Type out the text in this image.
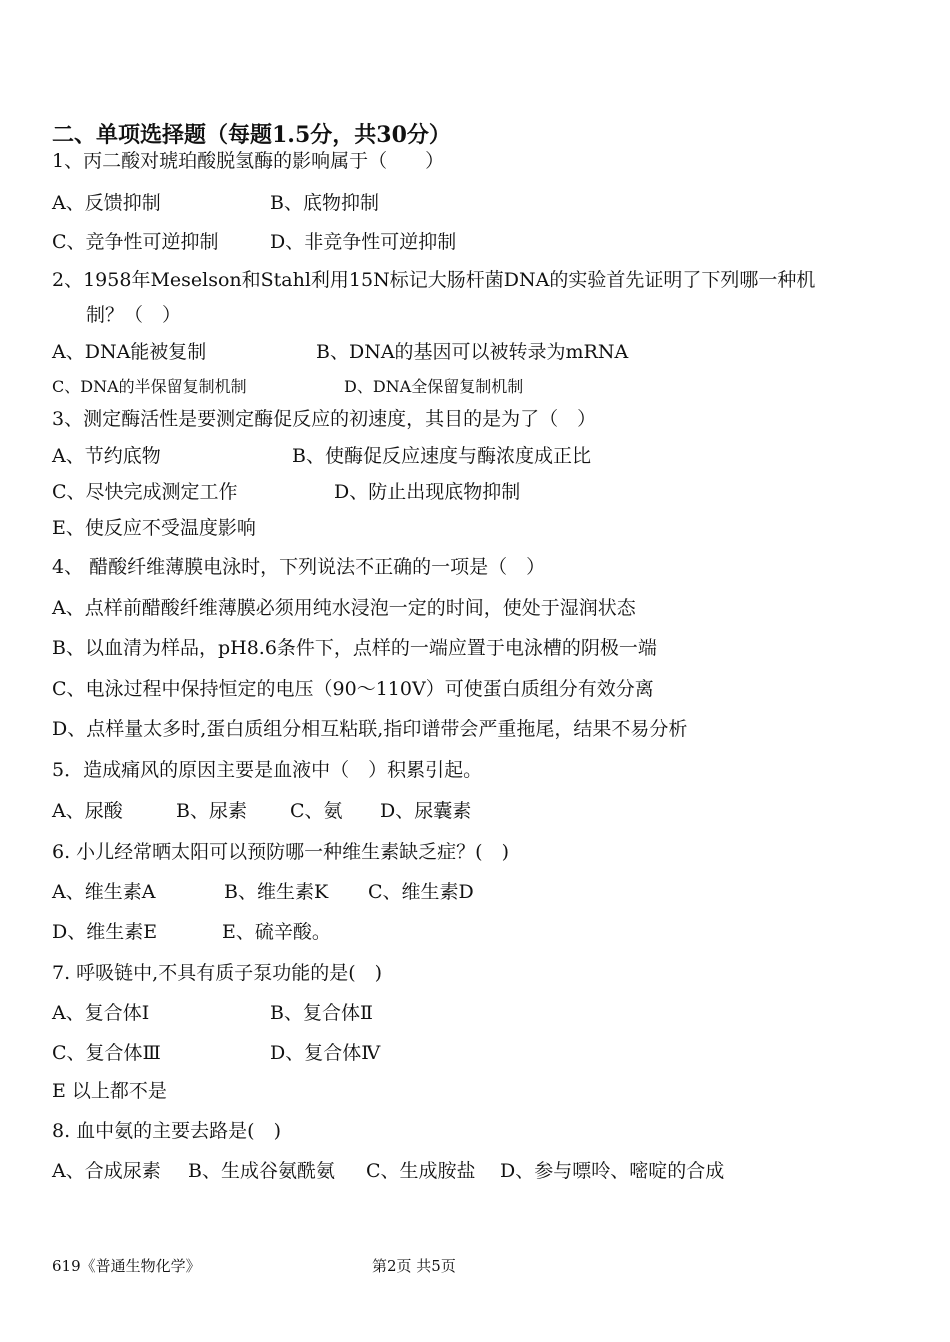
二、单项选择题（每题1.5分，共30分）
1、丙二酸对琥珀酸脱氢酶的影响属于（　　）
A、反馈抑制	B、底物抑制
C、竞争性可逆抑制	D、非竞争性可逆抑制
2、1958年Meselson和Stahl利用15N标记大肠杆菌DNA的实验首先证明了下列哪一种机
制？（　）
A、DNA能被复制	B、DNA的基因可以被转录为mRNA
C、DNA的半保留复制机制	D、DNA全保留复制机制
3、测定酶活性是要测定酶促反应的初速度，其目的是为了（　）
A、节约底物	B、使酶促反应速度与酶浓度成正比
C、尽快完成测定工作	D、防止出现底物抑制
E、使反应不受温度影响
4、 醋酸纤维薄膜电泳时，下列说法不正确的一项是（　）
A、点样前醋酸纤维薄膜必须用纯水浸泡一定的时间，使处于湿润状态
B、以血清为样品，pH8.6条件下，点样的一端应置于电泳槽的阴极一端
C、电泳过程中保持恒定的电压（90～110V）可使蛋白质组分有效分离
D、点样量太多时,蛋白质组分相互粘联,指印谱带会严重拖尾，结果不易分析
5．造成痛风的原因主要是血液中（　）积累引起。
A、尿酸	B、尿素 C、氨 D、尿囊素
6. 小儿经常晒太阳可以预防哪一种维生素缺乏症？(　)
A、维生素A	B、维生素K C、维生素D
D、维生素E	E、硫辛酸。
7. 呼吸链中,不具有质子泵功能的是(　)
A、复合体Ⅰ	B、复合体Ⅱ
C、复合体Ⅲ	D、复合体Ⅳ
E 以上都不是
8. 血中氨的主要去路是(　)
A、合成尿素 B、生成谷氨酰氨 C、生成胺盐 D、参与嘌呤、嘧啶的合成
619《普通生物化学》	第2页 共5页
